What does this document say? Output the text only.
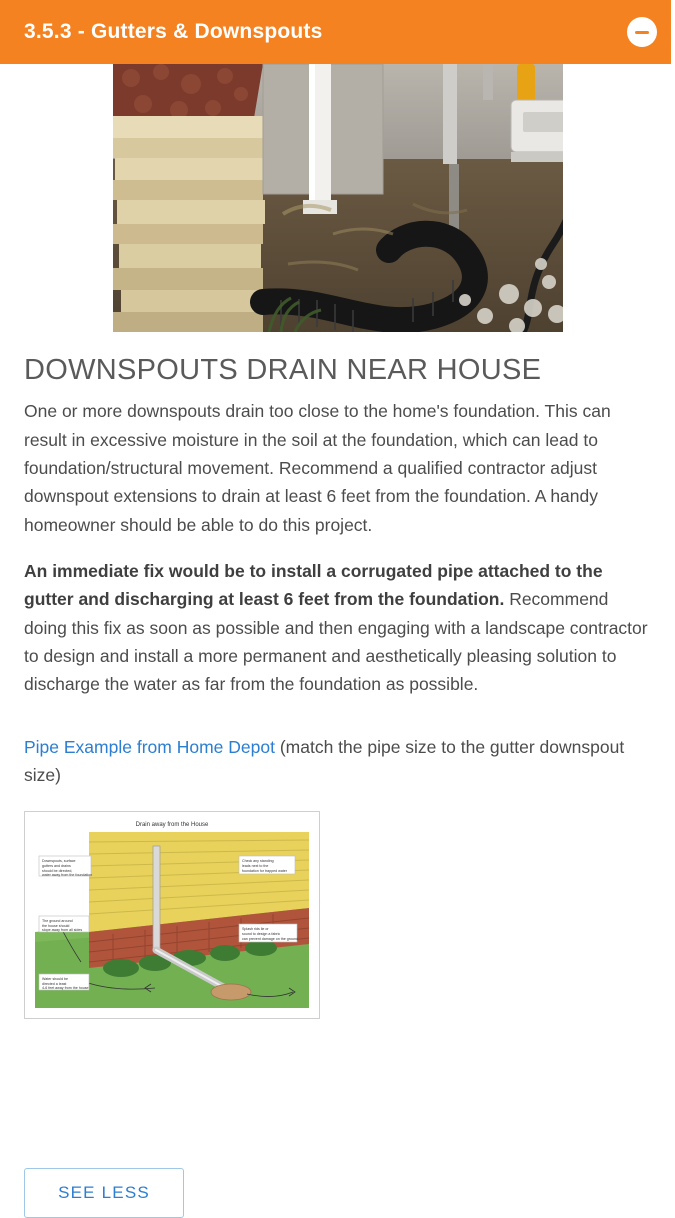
3.5.3 - Gutters & Downspouts
DOWNSPOUTS DRAIN NEAR HOUSE

One or more downspouts drain too close to the home's foundation. This can result in excessive moisture in the soil at the foundation, which can lead to foundation/structural movement. Recommend a qualified contractor adjust downspout extensions to drain at least 6 feet from the foundation. A handy homeowner should be able to do this project.

An immediate fix would be to install a corrugated pipe attached to the gutter and discharging at least 6 feet from the foundation. Recommend doing this fix as soon as possible and then engaging with a landscape contractor to design and install a more permanent and aesthetically pleasing solution to discharge the water as far from the foundation as possible.

Pipe Example from Home Depot (match the pipe size to the gutter downspout size)

Drain away from the House
Downspouts, surface
gutters and drains
should be directed,
water away from the foundation
Check any standing
leads next to the
foundation for trapped water
The ground around
the house should
slope away from all sides	Splash rids lie or
sound to design a fabric
can prevent damage on the ground
Water should be
directed a least
4-6 feet away from the house
SEE LESS
